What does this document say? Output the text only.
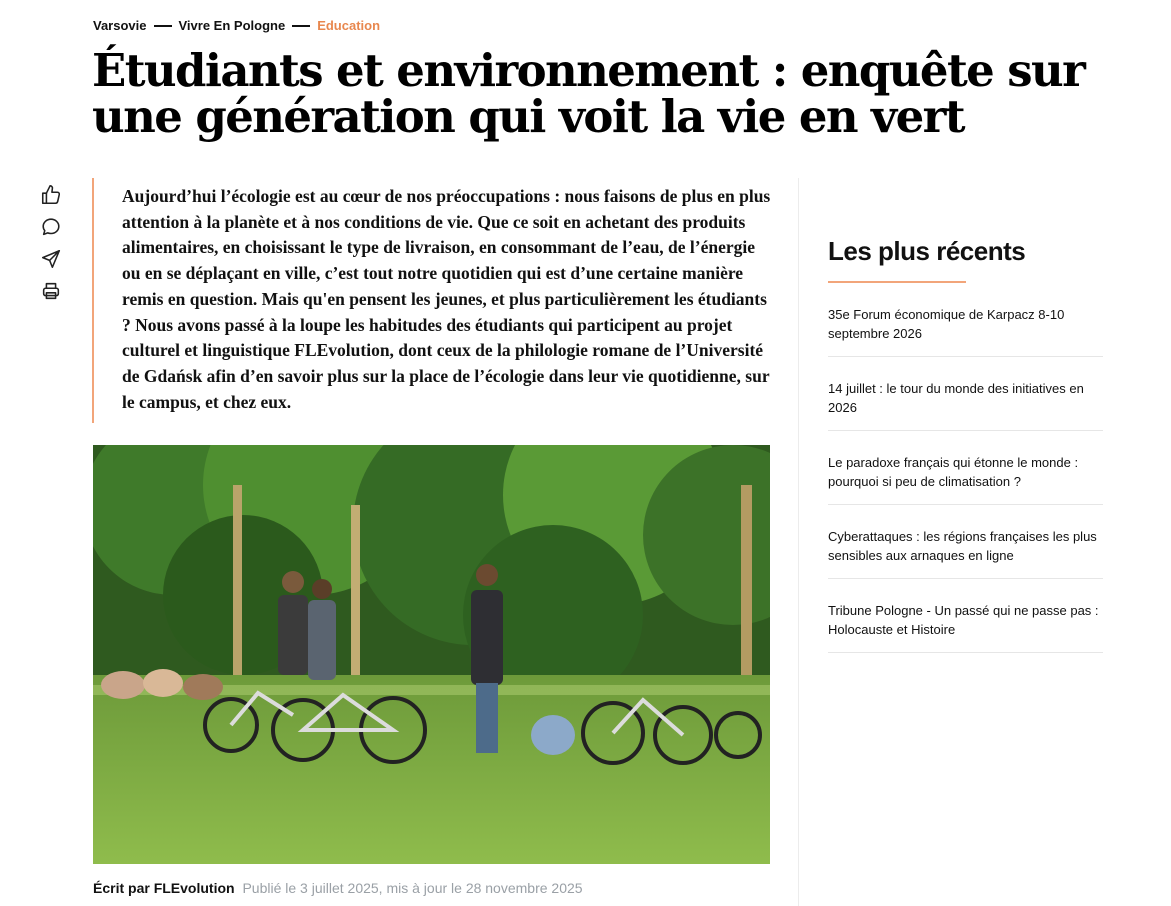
Varsovie Vivre En Pologne Education
Étudiants et environnement : enquête sur une génération qui voit la vie en vert

Aujourd’hui l’écologie est au cœur de nos préoccupations : nous faisons de plus en plus attention à la planète et à nos conditions de vie. Que ce soit en achetant des produits alimentaires, en choisissant le type de livraison, en consommant de l’eau, de l’énergie ou en se déplaçant en ville, c’est tout notre quotidien qui est d’une certaine manière remis en question. Mais qu'en pensent les jeunes, et plus particulièrement les étudiants ? Nous avons passé à la loupe les habitudes des étudiants qui participent au projet culturel et linguistique FLEvolution, dont ceux de la philologie romane de l’Université de Gdańsk afin d’en savoir plus sur la place de l’écologie dans leur vie quotidienne, sur le campus, et chez eux.

Écrit par FLEvolution Publié le 3 juillet 2025, mis à jour le 28 novembre 2025
Les plus récents
35e Forum économique de Karpacz 8-10 septembre 2026
14 juillet : le tour du monde des initiatives en 2026
Le paradoxe français qui étonne le monde : pourquoi si peu de climatisation ?
Cyberattaques : les régions françaises les plus sensibles aux arnaques en ligne
Tribune Pologne - Un passé qui ne passe pas : Holocauste et Histoire
